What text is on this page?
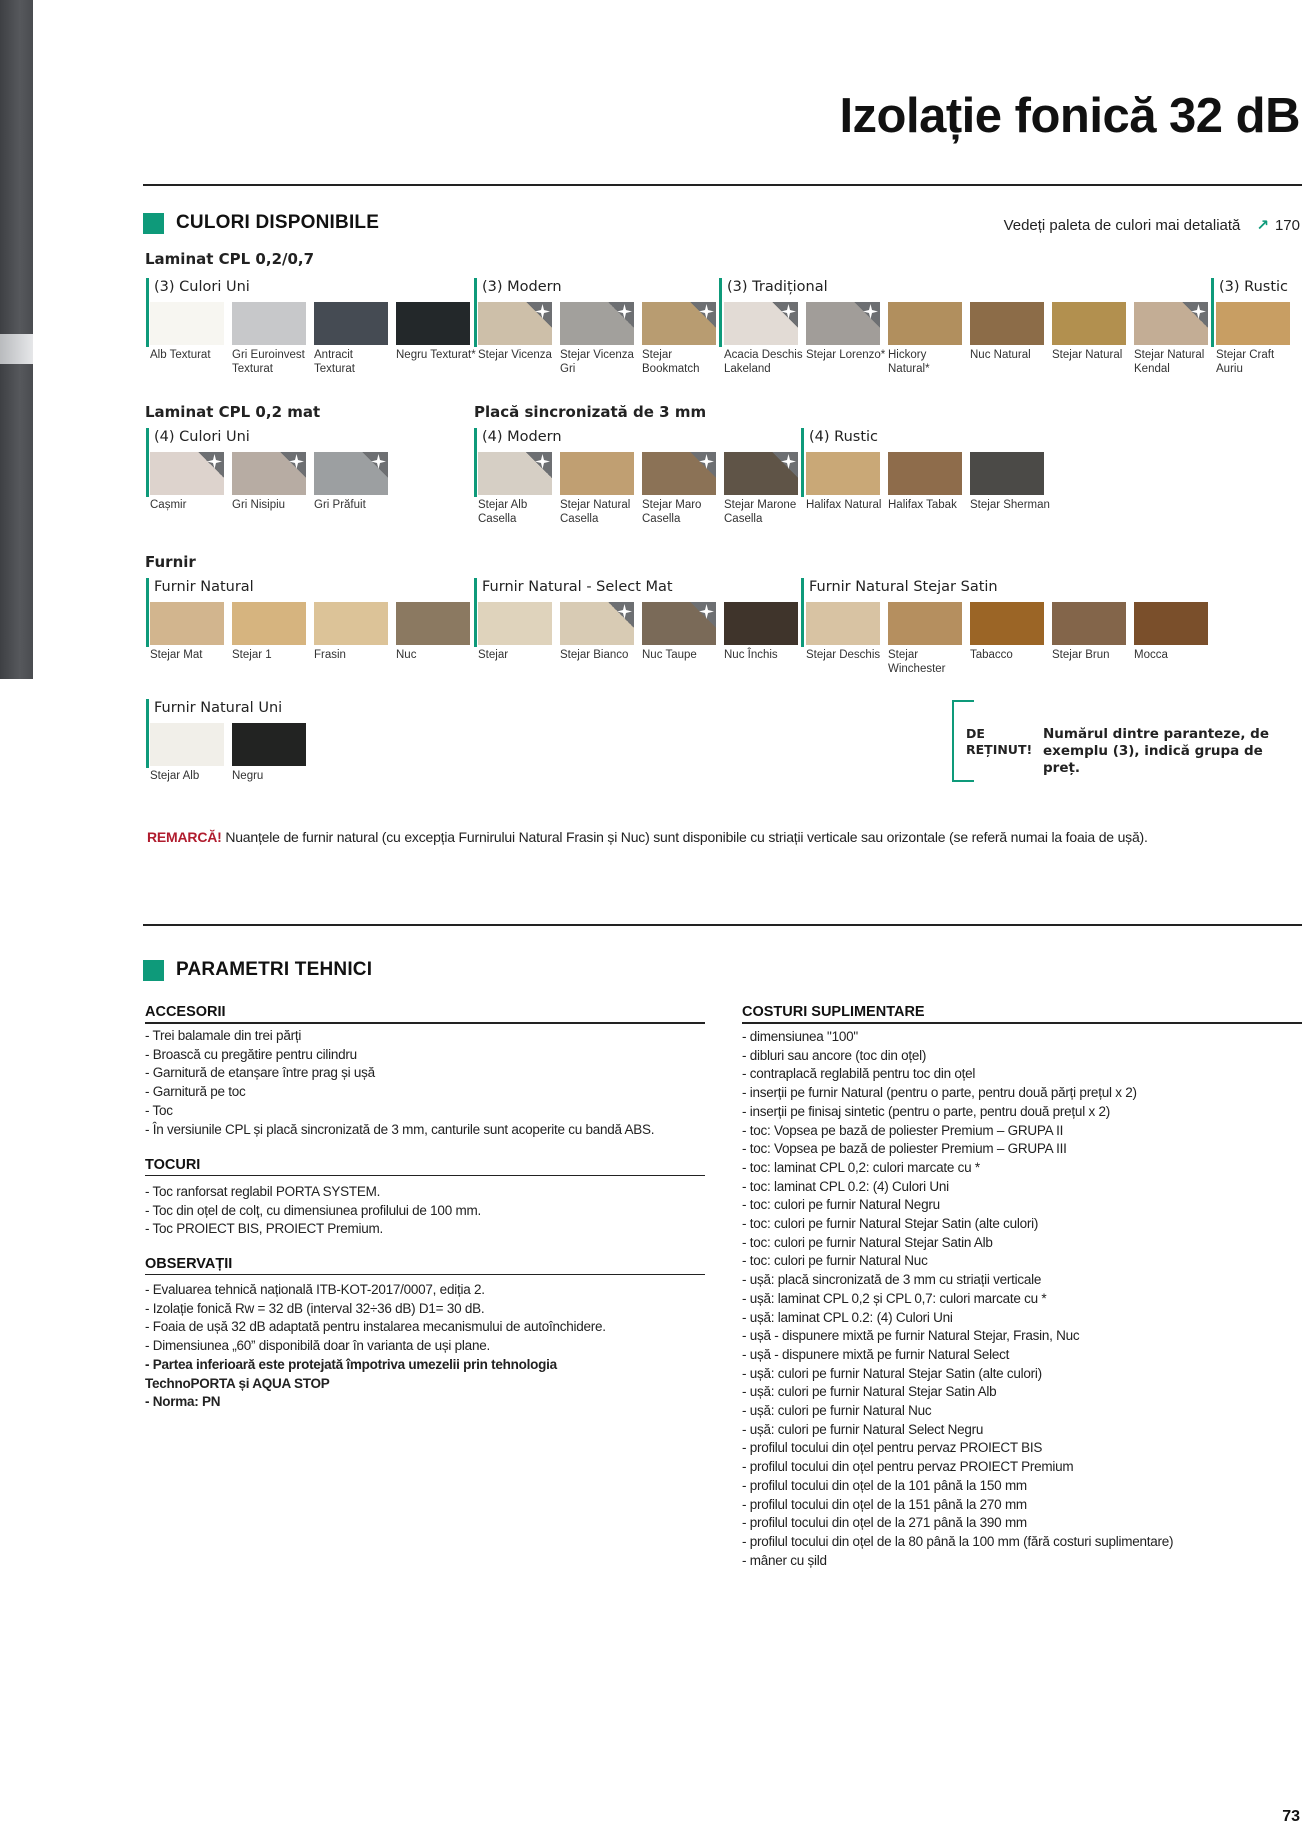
Izolație fonică 32 dB
CULORI DISPONIBILE	Vedeți paleta de culori mai detaliată ↗ 170
Laminat CPL 0,2/0,7
(3) Culori Uni	(3) Modern	(3) Tradițional	(3) Rustic
Alb Texturat	Gri Euroinvest Texturat
Antracit Texturat
Negru Texturat* Stejar Vicenza Stejar Vicenza Gri
Stejar Bookmatch
Acacia Deschis Lakeland
Stejar Lorenzo* Hickory Natural*
Nuc Natural	Stejar Natural	Stejar Natural Kendal
Stejar Craft Auriu
Laminat CPL 0,2 mat	Placă sincronizată de 3 mm
(4) Culori Uni	(4) Modern	(4) Rustic
Cașmir	Gri Nisipiu	Gri Prăfuit	Stejar Alb Casella
Stejar Natural Casella
Stejar Maro Casella
Stejar Marone Casella
Halifax Natural Halifax Tabak	Stejar Sherman
Furnir
Furnir Natural	Furnir Natural - Select Mat	Furnir Natural Stejar Satin
Stejar Mat	Stejar 1	Frasin	Nuc	Stejar	Stejar Bianco	Nuc Taupe	Nuc Închis	Stejar Deschis Stejar Winchester
Tabacco	Stejar Brun	Mocca
Furnir Natural Uni
Stejar Alb	Negru
DE
REȚINUT!
Numărul dintre paranteze, de exemplu (3), indică grupa de preț.
REMARCĂ! Nuanțele de furnir natural (cu excepția Furnirului Natural Frasin și Nuc) sunt disponibile cu striații verticale sau orizontale (se referă numai la foaia de ușă).
PARAMETRI TEHNICI
ACCESORII
- Trei balamale din trei părți
- Broască cu pregătire pentru cilindru
- Garnitură de etanșare între prag și ușă
- Garnitură pe toc
- Toc
- În versiunile CPL și placă sincronizată de 3 mm, canturile sunt acoperite cu bandă ABS.
TOCURI
- Toc ranforsat reglabil PORTA SYSTEM.
- Toc din oțel de colț, cu dimensiunea profilului de 100 mm.
- Toc PROIECT BIS, PROIECT Premium.
OBSERVAȚII
- Evaluarea tehnică națională ITB-KOT-2017/0007, ediția 2.
- Izolație fonică Rw = 32 dB (interval 32÷36 dB) D1= 30 dB.
- Foaia de ușă 32 dB adaptată pentru instalarea mecanismului de autoînchidere.
- Dimensiunea „60” disponibilă doar în varianta de uși plane.
- Partea inferioară este protejată împotriva umezelii prin tehnologia
TechnoPORTA și AQUA STOP
- Norma: PN
COSTURI SUPLIMENTARE
- dimensiunea "100"
- dibluri sau ancore (toc din oțel)
- contraplacă reglabilă pentru toc din oțel
- inserții pe furnir Natural (pentru o parte, pentru două părți prețul x 2)
- inserții pe finisaj sintetic (pentru o parte, pentru două prețul x 2)
- toc: Vopsea pe bază de poliester Premium – GRUPA II
- toc: Vopsea pe bază de poliester Premium – GRUPA III
- toc: laminat CPL 0,2: culori marcate cu *
- toc: laminat CPL 0.2: (4) Culori Uni
- toc: culori pe furnir Natural Negru
- toc: culori pe furnir Natural Stejar Satin (alte culori)
- toc: culori pe furnir Natural Stejar Satin Alb
- toc: culori pe furnir Natural Nuc
- ușă: placă sincronizată de 3 mm cu striații verticale
- ușă: laminat CPL 0,2 și CPL 0,7: culori marcate cu *
- ușă: laminat CPL 0.2: (4) Culori Uni
- ușă - dispunere mixtă pe furnir Natural Stejar, Frasin, Nuc
- ușă - dispunere mixtă pe furnir Natural Select
- ușă: culori pe furnir Natural Stejar Satin (alte culori)
- ușă: culori pe furnir Natural Stejar Satin Alb
- ușă: culori pe furnir Natural Nuc
- ușă: culori pe furnir Natural Select Negru
- profilul tocului din oțel pentru pervaz PROIECT BIS
- profilul tocului din oțel pentru pervaz PROIECT Premium
- profilul tocului din oțel de la 101 până la 150 mm
- profilul tocului din oțel de la 151 până la 270 mm
- profilul tocului din oțel de la 271 până la 390 mm
- profilul tocului din oțel de la 80 până la 100 mm (fără costuri suplimentare)
- mâner cu șild
73
